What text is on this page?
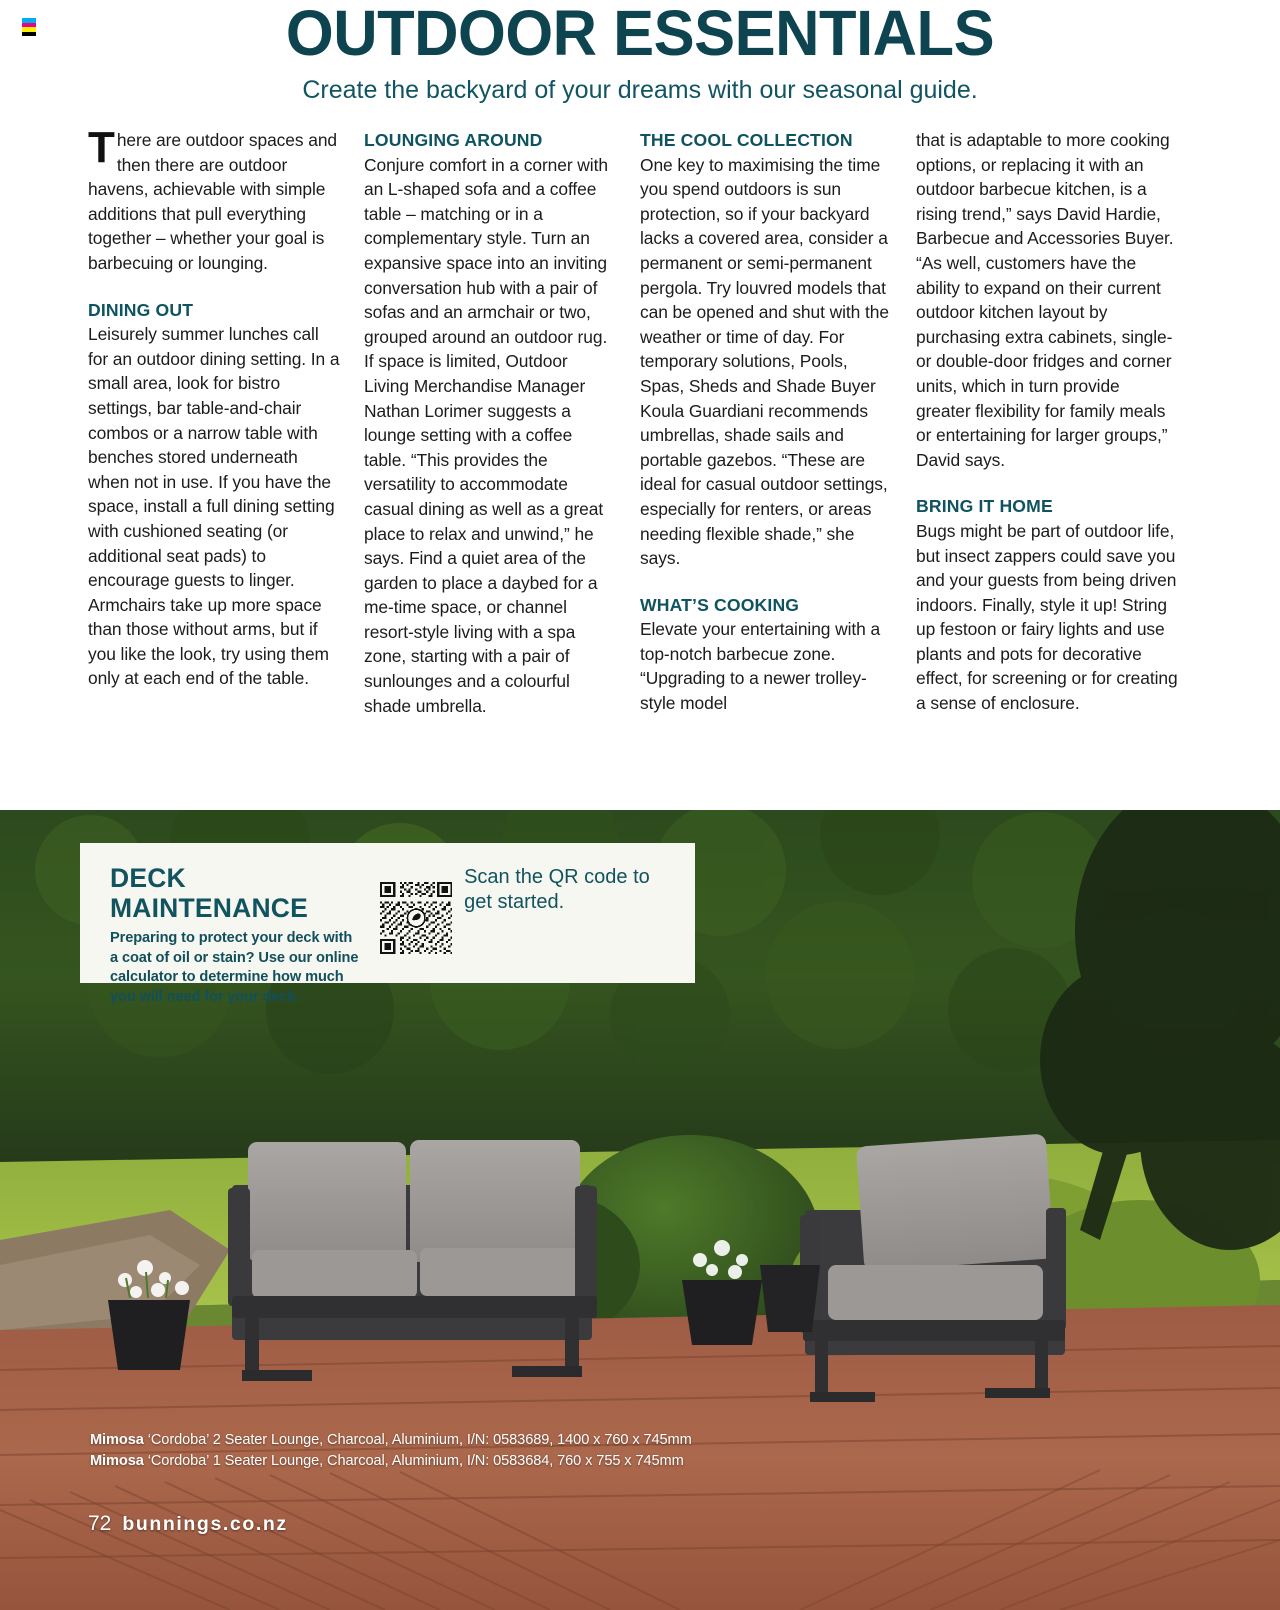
OUTDOOR ESSENTIALS
Create the backyard of your dreams with our seasonal guide.

There are outdoor spaces and then there are outdoor havens, achievable with simple additions that pull everything together – whether your goal is barbecuing or lounging.

DINING OUT

Leisurely summer lunches call for an outdoor dining setting. In a small area, look for bistro settings, bar table-and-chair combos or a narrow table with benches stored underneath when not in use. If you have the space, install a full dining setting with cushioned seating (or additional seat pads) to encourage guests to linger. Armchairs take up more space than those without arms, but if you like the look, try using them only at each end of the table.

LOUNGING AROUND

Conjure comfort in a corner with an L-shaped sofa and a coffee table – matching or in a complementary style. Turn an expansive space into an inviting conversation hub with a pair of sofas and an armchair or two, grouped around an outdoor rug. If space is limited, Outdoor Living Merchandise Manager Nathan Lorimer suggests a lounge setting with a coffee table. “This provides the versatility to accommodate casual dining as well as a great place to relax and unwind,” he says. Find a quiet area of the garden to place a daybed for a me-time space, or channel resort-style living with a spa zone, starting with a pair of sunlounges and a colourful shade umbrella.

THE COOL COLLECTION

One key to maximising the time you spend outdoors is sun protection, so if your backyard lacks a covered area, consider a permanent or semi-permanent pergola. Try louvred models that can be opened and shut with the weather or time of day. For temporary solutions, Pools, Spas, Sheds and Shade Buyer Koula Guardiani recommends umbrellas, shade sails and portable gazebos. “These are ideal for casual outdoor settings, especially for renters, or areas needing flexible shade,” she says.

WHAT’S COOKING

Elevate your entertaining with a top-notch barbecue zone. “Upgrading to a newer trolley-style model

that is adaptable to more cooking options, or replacing it with an outdoor barbecue kitchen, is a rising trend,” says David Hardie, Barbecue and Accessories Buyer. “As well, customers have the ability to expand on their current outdoor kitchen layout by purchasing extra cabinets, single- or double-door fridges and corner units, which in turn provide greater flexibility for family meals or entertaining for larger groups,” David says.

BRING IT HOME

Bugs might be part of outdoor life, but insect zappers could save you and your guests from being driven indoors. Finally, style it up! String up festoon or fairy lights and use plants and pots for decorative effect, for screening or for creating a sense of enclosure.

DECK MAINTENANCE
Preparing to protect your deck with a coat of oil or stain? Use our online calculator to determine how much you will need for your deck.
Scan the QR code to get started.
Mimosa ‘Cordoba’ 2 Seater Lounge, Charcoal, Aluminium, I/N: 0583689, 1400 x 760 x 745mm
Mimosa ‘Cordoba’ 1 Seater Lounge, Charcoal, Aluminium, I/N: 0583684, 760 x 755 x 745mm
72 bunnings.co.nz
